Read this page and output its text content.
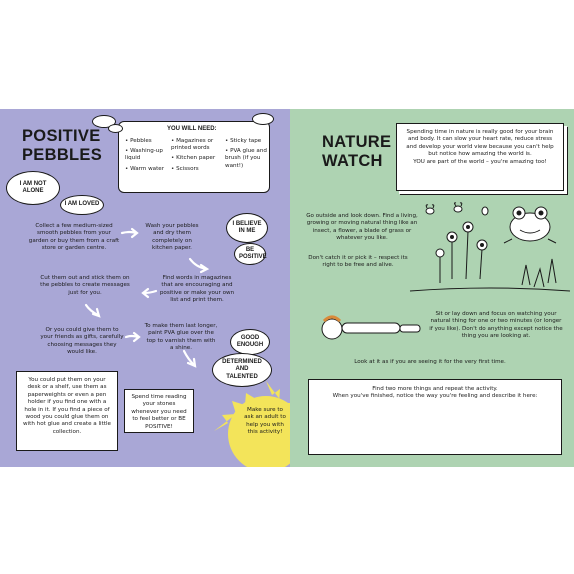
POSITIVE
PEBBLES
YOU WILL NEED:
• Pebbles
• Washing-up liquid
• Warm water
• Magazines or printed words
• Kitchen paper
• Scissors
• Sticky tape
• PVA glue and brush (if you want!)
I AM NOT ALONE
I AM LOVED
Collect a few medium-sized smooth pebbles from your garden or buy them from a craft store or garden centre.
Wash your pebbles and dry them completely on kitchen paper.
I BELIEVE IN ME
BE POSITIVE
Find words in magazines that are encouraging and positive or make your own list and print them.
Cut them out and stick them on the pebbles to create messages just for you.
Or you could give them to your friends as gifts, carefully choosing messages they would like.
To make them last longer, paint PVA glue over the top to varnish them with a shine.
GOOD ENOUGH
DETERMINED AND TALENTED
You could put them on your desk or a shelf, use them as paperweights or even a pen holder if you find one with a hole in it. If you find a piece of wood you could glue them on with hot glue and create a little collection.
Spend time reading your stones whenever you need to feel better or BE POSITIVE!
Make sure to ask an adult to help you with this activity!
NATURE
WATCH
Spending time in nature is really good for your brain and body. It can slow your heart rate, reduce stress and develop your world view because you can't help but notice how amazing the world is.
YOU are part of the world – you're amazing too!
Go outside and look down. Find a living, growing or moving natural thing like an insect, a flower, a blade of grass or whatever you like.
Don't catch it or pick it – respect its right to be free and alive.
Sit or lay down and focus on watching your natural thing for one or two minutes (or longer if you like). Don't do anything except notice the thing you are looking at.
Look at it as if you are seeing it for the very first time.
Find two more things and repeat the activity.
When you've finished, notice the way you're feeling and describe it here:
